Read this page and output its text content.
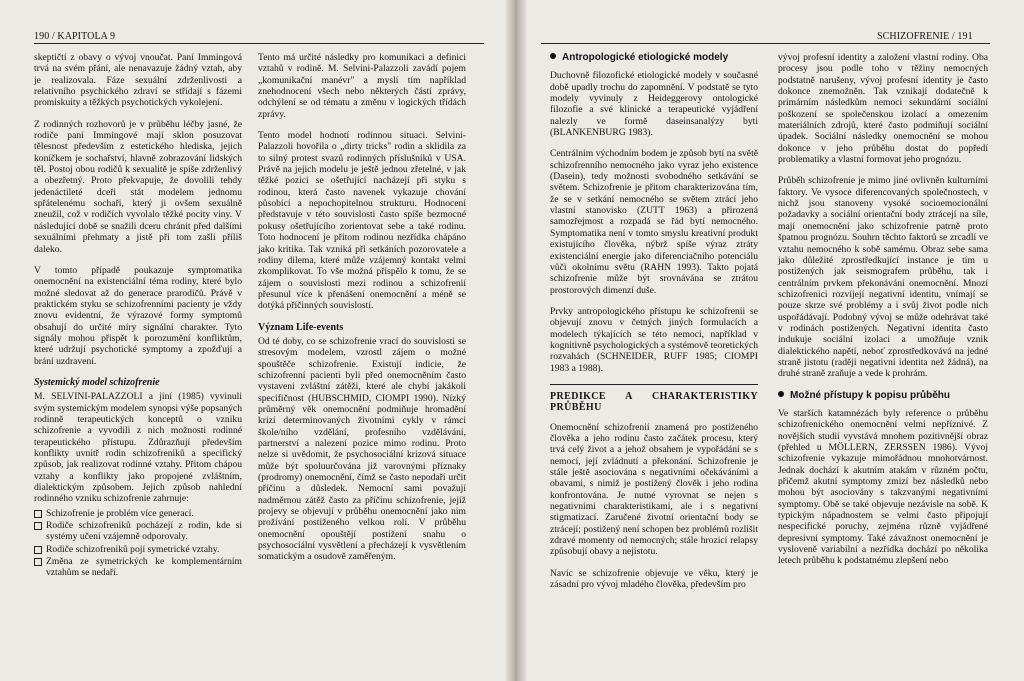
190 / KAPITOLA 9	SCHIZOFRENIE / 191

skeptičtí z obavy o vývoj vnoučat. Paní Immingová trvá na svém přání, ale nenavazuje žádný vztah, aby je realizovala. Fáze sexuální zdrženlivosti a relativního psychického zdraví se střídají s fázemi promiskuity a těžkých psychotických vykolejení.

Z rodinných rozhovorů je v průběhu léčby jasné, že rodiče paní Immingové mají sklon posuzovat tělesnost především z estetického hlediska, jejich koníčkem je sochařství, hlavně zobrazování lidských těl. Postoj obou rodičů k sexualitě je spíše zdrženlivý a obezřetný. Proto překvapuje, že dovolili tehdy jedenáctileté dceři stát modelem jednomu spřátelenému sochaři, který ji ovšem sexuálně zneužil, což v rodičích vyvolalo těžké pocity viny. V následující době se snažili dceru chránit před dalšími sexuálními přehmaty a jistě při tom zašli příliš daleko.

V tomto případě poukazuje symptomatika onemocnění na existenciální téma rodiny, které bylo možné sledovat až do generace prarodičů. Právě v praktickém styku se schizofrenními pacienty je vždy znovu evidentní, že výrazové formy symptomů obsahují do určité míry signální charakter. Tyto signály mohou přispět k porozumění konfliktům, které udržují psychotické symptomy a zpožďují a brání uzdravení.

Systemický model schizofrenie

M. SELVINI-PALAZZOLI a jiní (1985) vyvinuli svým systemickým modelem synopsi výše popsaných rodinně terapeutických konceptů o vzniku schizofrenie a vyvodili z nich možnosti rodinné terapeutického přístupu. Zdůrazňují především konflikty uvnitř rodin schizofreniků a specifický způsob, jak realizovat rodinné vztahy. Přitom chápou vztahy a konflikty jako propojené zvláštním, dialektickým způsobem. Jejich způsob nahlední rodinného vzniku schizofrenie zahrnuje:

Schizofrenie je problém více generací.
Rodiče schizofreniků pocházejí z rodin, kde si systémy učení vzájemně odporovaly.
Rodiče schizofreniků pojí symetrické vztahy.
Změna ze symetrických ke komplementárním vztahům se nedaří.

Tento má určité následky pro komunikaci a definici vztahů v rodině. M. Selvini-Palazzoli zavádí pojem „komunikační manévr" a myslí tím například znehodnocení všech nebo některých částí zprávy, odchýlení se od tématu a změnu v logických třídách zprávy.

Tento model hodnotí rodinnou situaci. Selvini-Palazzoli hovořila o „dirty tricks" rodin a sklidila za to silný protest svazů rodinných příslušníků v USA. Právě na jejich modelu je ještě jednou zřetelné, v jak těžké pozici se ošetřující nacházejí při styku s rodinou, která často navenek vykazuje chování působící a nepochopitelnou strukturu. Hodnocení představuje v této souvislosti často spíše bezmocné pokusy ošetřujícího zorientovat sebe a také rodinu. Toto hodnocení je přitom rodinou nezřídka chápáno jako kritika. Tak vzniká při setkáních pozorovatele a rodiny dilema, které může vzájemný kontakt velmi zkomplikovat. To vše možná přispělo k tomu, že se zájem o souvislosti mezi rodinou a schizofrenií přesunul více k přenášení onemocnění a méně se dotýká příčinných souvislostí.

Význam Life-events

Od té doby, co se schizofrenie vrací do souvislosti se stresovým modelem, vzrostl zájem o možné spouštěče schizofrenie. Existují indicie, že schizofrenní pacienti byli před onemocněním často vystaveni zvláštní zátěži, které ale chybí jakákoli specifičnost (HUBSCHMID, CIOMPI 1990). Nízký průměrný věk onemocnění podmiňuje hromadění krizí determinovaných životními cykly v rámci škole/ního vzdělání, profesního vzdělávání, partnerství a nalezení pozice mimo rodinu. Proto nelze si uvědomit, že psychosociální krizová situace může být spoluurčována již varovnými příznaky (prodromy) onemocnění, čímž se často nepodaří určit příčinu a důsledek. Nemocní sami považují nadměrnou zátěž často za příčinu schizofrenie, jejíž projevy se objevují v průběhu onemocnění jako nim prožívání postiženého velkou rolí. V průběhu onemocnění opouštějí postižení snahu o psychosociální vysvětlení a přecházejí k vysvětlením somatickým a osudově zaměřeným.

Antropologické etiologické modely

Duchovně filozofické etiologické modely v současné době upadly trochu do zapomnění. V podstatě se tyto modely vyvinuly z Heideggerovy ontologické filozofie a své klinické a terapeutické vyjádření nalezly ve formě daseinsanalýzy byti (BLANKENBURG 1983).

Centrálním východním bodem je způsob bytí na světě schizofrenního nemocného jako vyraz jeho existence (Dasein), tedy možnosti svobodného setkávání se světem. Schizofrenie je přitom charakterizována tím, že se v setkání nemocného se světem ztrácí jeho vlastní stanovisko (ZUTT 1963) a přirozená samozřejmost a rozpadá se řád bytí nemocného. Symptomatika není v tomto smyslu kreativní produkt existujícího člověka, nýbrž spíše výraz ztráty existenciální energie jako diferenciačního potenciálu vůči okolnímu světu (RAHN 1993). Takto pojatá schizofrenie může být srovnávána se ztrátou prostorových dimenzí duše.

Prvky antropologického přístupu ke schizofrenii se objevují znovu v četných jiných formulacích a modelech týkajících se této nemoci, například v kognitivně psychologických a systémově teoretických rozvahách (SCHNEIDER, RUFF 1985; CIOMPI 1983 a 1988).

PREDIKCE A CHARAKTERISTIKY PRŮBĚHU

Onemocnění schizofrenií znamená pro postiženého člověka a jeho rodinu často začátek procesu, který trvá celý život a a jehož obsahem je vypořádání se s nemocí, její zvládnutí a překonání. Schizofrenie je stále ještě asociována s negativními očekáváními a obavami, s nimiž je postižený člověk i jeho rodina konfrontována. Je nutné vyrovnat se nejen s negativními charakteristikami, ale i s negativní stigmatizací. Zaručené životní orientační body se ztrácejí; postižený není schopen bez problémů rozlišit zdravé momenty od nemocných; stále hrozicí relapsy způsobují obavy a nejistotu.

Navíc se schizofrenie objevuje ve věku, který je zásadní pro vývoj mladého člověka, především pro

vývoj profesní identity a založení vlastní rodiny. Oba procesy jsou podle toho v těžiny nemocných podstatně narušeny, vývoj profesní identity je často dokonce znemožněn. Tak vznikají dodatečně k primárním následkům nemoci sekundární sociální poškození se společenskou izolací a omezením materiálních zdrojů, které často podmiňují sociální úpadek. Sociální následky onemocnění se mohou dokonce v jeho průběhu dostat do popředí problematiky a vlastní formovat jeho prognózu.

Průběh schizofrenie je mimo jiné ovlivněn kulturními faktory. Ve vysoce diferencovaných společnostech, v nichž jsou stanoveny vysoké socioemocionální požadavky a sociální orientační body ztrácejí na síle, mají onemocnění jako schizofrenie patrně proto špatnou prognózu. Souhrn těchto faktorů se zrcadlí ve vztahu nemocného k sobě samému. Obraz sebe sama jako důležité zprostředkující instance je tím u postižených jak seismografem průběhu, tak i centrálním prvkem překonávání onemocnění. Mnozí schizofrenici rozvíjejí negativní identitu, vnímají se pouze skrze své problémy a i svůj život podle nich uspořádávají. Podobný vývoj se může odehrávat také v rodinách postižených. Negativní identita často indukuje sociální izolaci a umožňuje vznik dialektického napětí, neboť zprostředkovává na jedné straně jistotu (raději negativní identita než žádná), na druhé straně zraňuje a vede k prohrám.

Možné přístupy k popisu průběhu

Ve starších katamnézách byly reference o průběhu schizofrenického onemocnění velmi nepříznivé. Z novějších studií vyvstává mnohem pozitivnější obraz (přehled u MÖLLERN, ZERSSEN 1986). Vývoj schizofrenie vykazuje mimořádnou mnohotvárnost. Jednak dochází k akutním atakám v různém počtu, přičemž akutní symptomy zmizí bez následků nebo mohou být asociovány s takzvanými negativními symptomy. Obě se také objevuje nezávisle na sobě. K typickým nápadnostem se velmi často připojují nespecifické poruchy, zejména různě vyjádřené depresivní symptomy. Také závažnost onemocnění je vysloveně variabilní a nezřídka dochází po několika letech průběhu k podstatnému zlepšení nebo
